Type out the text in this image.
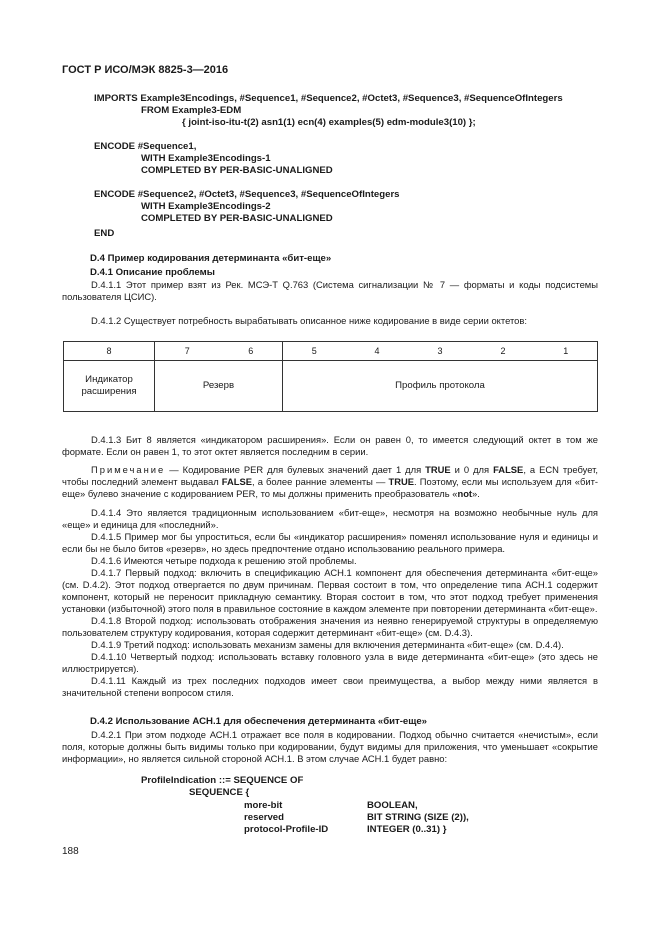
ГОСТ Р ИСО/МЭК 8825-3—2016
IMPORTS Example3Encodings, #Sequence1, #Sequence2, #Octet3, #Sequence3, #SequenceOfIntegers
FROM Example3-EDM
{ joint-iso-itu-t(2) asn1(1) ecn(4) examples(5) edm-module3(10) };
ENCODE #Sequence1,
WITH Example3Encodings-1
COMPLETED BY PER-BASIC-UNALIGNED
ENCODE #Sequence2, #Octet3, #Sequence3, #SequenceOfIntegers
WITH Example3Encodings-2
COMPLETED BY PER-BASIC-UNALIGNED
END
D.4 Пример кодирования детерминанта «бит-еще»
D.4.1 Описание проблемы

D.4.1.1 Этот пример взят из Рек. МСЭ-Т Q.763 (Система сигнализации № 7 — форматы и коды подсистемы пользователя ЦСИС).

D.4.1.2 Существует потребность вырабатывать описанное ниже кодирование в виде серии октетов:

8	7	6	5	4	3	2	1
Индикатор расширения	Резерв		Профиль протокола				

D.4.1.3 Бит 8 является «индикатором расширения». Если он равен 0, то имеется следующий октет в том же формате. Если он равен 1, то этот октет является последним в серии.

Примечание — Кодирование PER для булевых значений дает 1 для TRUE и 0 для FALSE, а ECN требует, чтобы последний элемент выдавал FALSE, а более ранние элементы — TRUE. Поэтому, если мы используем для «бит-еще» булево значение с кодированием PER, то мы должны применить преобразователь «not».

D.4.1.4 Это является традиционным использованием «бит-еще», несмотря на возможно необычные нуль для «еще» и единица для «последний».

D.4.1.5 Пример мог бы упроститься, если бы «индикатор расширения» поменял использование нуля и единицы и если бы не было битов «резерв», но здесь предпочтение отдано использованию реального примера.

D.4.1.6 Имеются четыре подхода к решению этой проблемы.

D.4.1.7 Первый подход: включить в спецификацию АСН.1 компонент для обеспечения детерминанта «бит-еще» (см. D.4.2). Этот подход отвергается по двум причинам. Первая состоит в том, что определение типа АСН.1 содержит компонент, который не переносит прикладную семантику. Вторая состоит в том, что этот подход требует применения установки (избыточной) этого поля в правильное состояние в каждом элементе при повторении детерминанта «бит-еще».

D.4.1.8 Второй подход: использовать отображения значения из неявно генерируемой структуры в определяемую пользователем структуру кодирования, которая содержит детерминант «бит-еще» (см. D.4.3).

D.4.1.9 Третий подход: использовать механизм замены для включения детерминанта «бит-еще» (см. D.4.4).

D.4.1.10 Четвертый подход: использовать вставку головного узла в виде детерминанта «бит-еще» (это здесь не иллюстрируется).

D.4.1.11 Каждый из трех последних подходов имеет свои преимущества, а выбор между ними является в значительной степени вопросом стиля.

D.4.2 Использование АСН.1 для обеспечения детерминанта «бит-еще»

D.4.2.1 При этом подходе АСН.1 отражает все поля в кодировании. Подход обычно считается «нечистым», если поля, которые должны быть видимы только при кодировании, будут видимы для приложения, что уменьшает «сокрытие информации», но является сильной стороной АСН.1. В этом случае АСН.1 будет равно:

ProfileIndication ::= SEQUENCE OF
SEQUENCE {
more-bit	BOOLEAN,
reserved	BIT STRING (SIZE (2)),
protocol-Profile-ID	INTEGER (0..31) }
188
